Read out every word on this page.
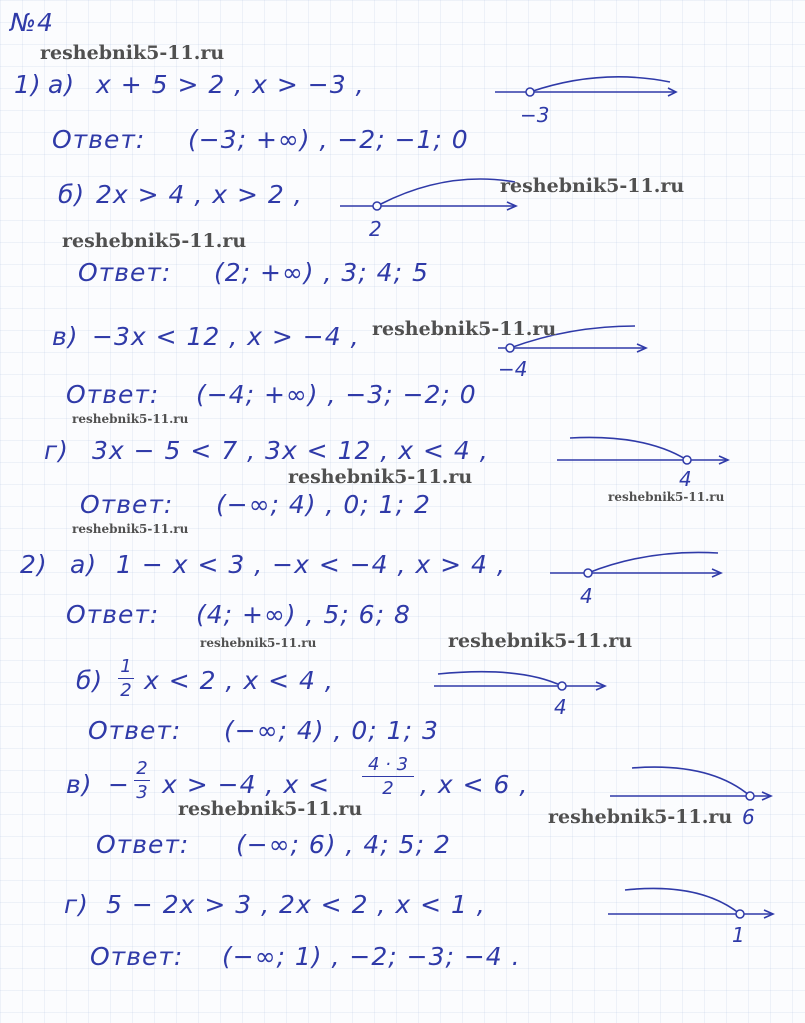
№4
1) а) x + 5 > 2 , x > −3 ,
−3
Ответ: (−3; +∞) , −2; −1; 0
б) 2x > 4 , x > 2 ,
2
Ответ: (2; +∞) , 3; 4; 5
в) −3x < 12 , x > −4 ,
−4
Ответ: (−4; +∞) , −3; −2; 0
г) 3x − 5 < 7 , 3x < 12 , x < 4 ,
4
Ответ: (−∞; 4) , 0; 1; 2
2) а) 1 − x < 3 , −x < −4 , x > 4 ,
4
Ответ: (4; +∞) , 5; 6; 8
б) 1
2 x < 2 , x < 4 ,
4
Ответ: (−∞; 4) , 0; 1; 3
в) −
2
3 x > −4 , x <
4 · 3
2	, x < 6 ,
6
Ответ: (−∞; 6) , 4; 5; 2
г) 5 − 2x > 3 , 2x < 2 , x < 1 ,
1
Ответ: (−∞; 1) , −2; −3; −4 .
reshebnik5-11.ru
reshebnik5-11.ru
reshebnik5-11.ru
reshebnik5-11.ru
reshebnik5-11.ru
reshebnik5-11.ru
reshebnik5-11.ru
reshebnik5-11.ru
reshebnik5-11.ru	reshebnik5-11.ru
reshebnik5-11.ru	reshebnik5-11.ru
